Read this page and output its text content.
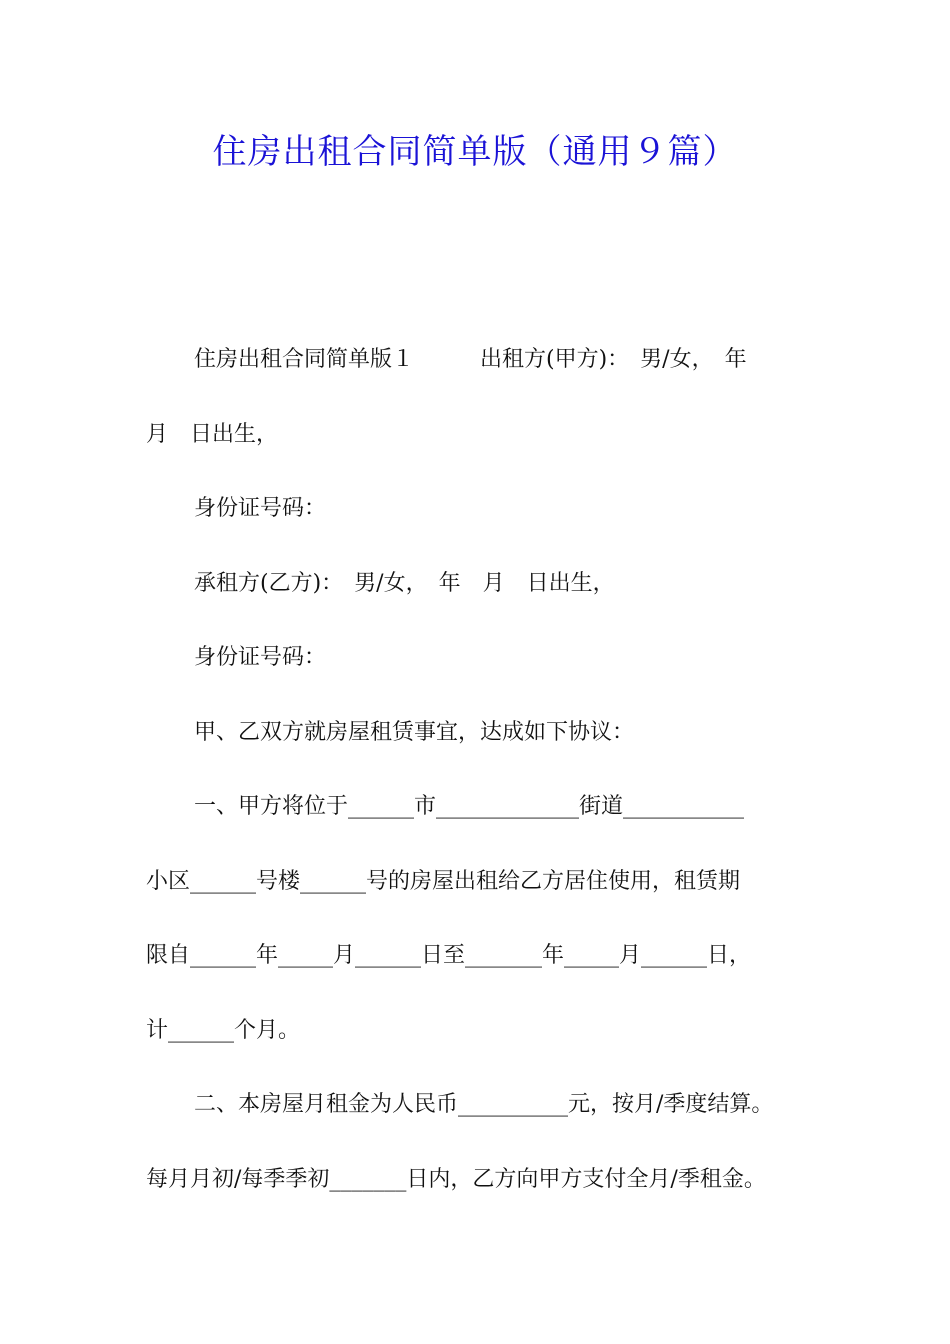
住房出租合同简单版（通用９篇）

住房出租合同简单版１　　　出租方(甲方)：　男/女，　年

月　日出生，

身份证号码：

承租方(乙方)：　男/女，　年　月　日出生，

身份证号码：

甲、乙双方就房屋租赁事宜，达成如下协议：

一、甲方将位于______市_____________街道___________

小区______号楼______号的房屋出租给乙方居住使用，租赁期

限自______年_____月______日至_______年_____月______日，

计______个月。

二、本房屋月租金为人民币__________元，按月/季度结算。

每月月初/每季季初_______日内，乙方向甲方支付全月/季租金。
